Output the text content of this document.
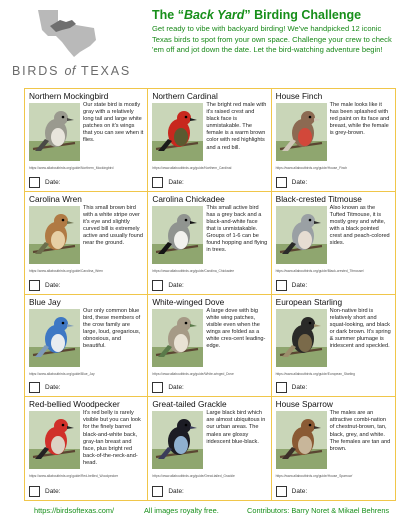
BIRDS of TEXAS
The “Back Yard” Birding Challenge
Get ready to vibe with backyard birding! We've handpicked 12 iconic Texas birds to spot from your own space. Challenge your crew to check 'em off and jot down the date. Let the bird-watching adventure begin!
Northern Mockingbird
Our state bird is mostly gray with a relatively long tail and large white patches on it's wings that you can see when it flies.
https://www.allaboutbirds.org/guide/Northern_Mockingbird
Date:
Northern Cardinal
The bright red male with it's raised crest and black face is unmistakable. The female is a warm brown color with red highlights and a red bill.
https://www.allaboutbirds.org/guide/Northern_Cardinal
Date:
House Finch
The male looks like it has been splashed with red paint on its face and breast, while the female is grey-brown.
https://www.allaboutbirds.org/guide/House_Finch
Date:
Carolina Wren
This small brown bird with a white stripe over it's eye and slightly curved bill is extremely active and usually found near the ground.
https://www.allaboutbirds.org/guide/Carolina_Wren
Date:
Carolina Chickadee
This small active bird has a grey back and a black-and-white face that is unmistakable. Groups of 1-6 can be found hopping and flying in trees.
https://www.allaboutbirds.org/guide/Carolina_Chickadee
Date:
Black-crested Titmouse
Also known as the Tufted Titmouse, it is mostly grey and white, with a black pointed crest and peach-colored sides.
https://www.allaboutbirds.org/guide/Black-crested_Titmouse/
Date:
Blue Jay
Our only common blue bird, these members of the crow family are large, loud, gregarious, obnoxious, and beautiful.
https://www.allaboutbirds.org/guide/Blue_Jay
Date:
White-winged Dove
A large dove with big white wing patches, visible even when the wings are folded as a white cres-cent leading-edge.
https://www.allaboutbirds.org/guide/White-winged_Dove
Date:
European Starling
Non-native bird is relatively short and squat-looking, and black or dark brown. It's spring & summer plumage is iridescent and speckled.
https://www.allaboutbirds.org/guide/European_Starling
Date:
Red-bellied Woodpecker
It's red belly is rarely visible but you can look for the finely barred black-and-white back, gray-tan breast and face, plus bright red back-of-the-neck-and-head.
https://www.allaboutbirds.org/guide/Red-bellied_Woodpecker
Date:
Great-tailed Grackle
Large black bird which are almost ubiquitous in our urban areas. The males are glossy iridescent blue-black.
https://www.allaboutbirds.org/guide/Great-tailed_Grackle
Date:
House Sparrow
The males are an attractive combi-nation of chestnut-brown, tan, black, grey, and white. The females are tan and brown.
https://www.allaboutbirds.org/guide/House_Sparrow/
Date:
https://birdsoftexas.com/	All images royalty free.	Contributors: Barry Noret & Mikael Behrens
